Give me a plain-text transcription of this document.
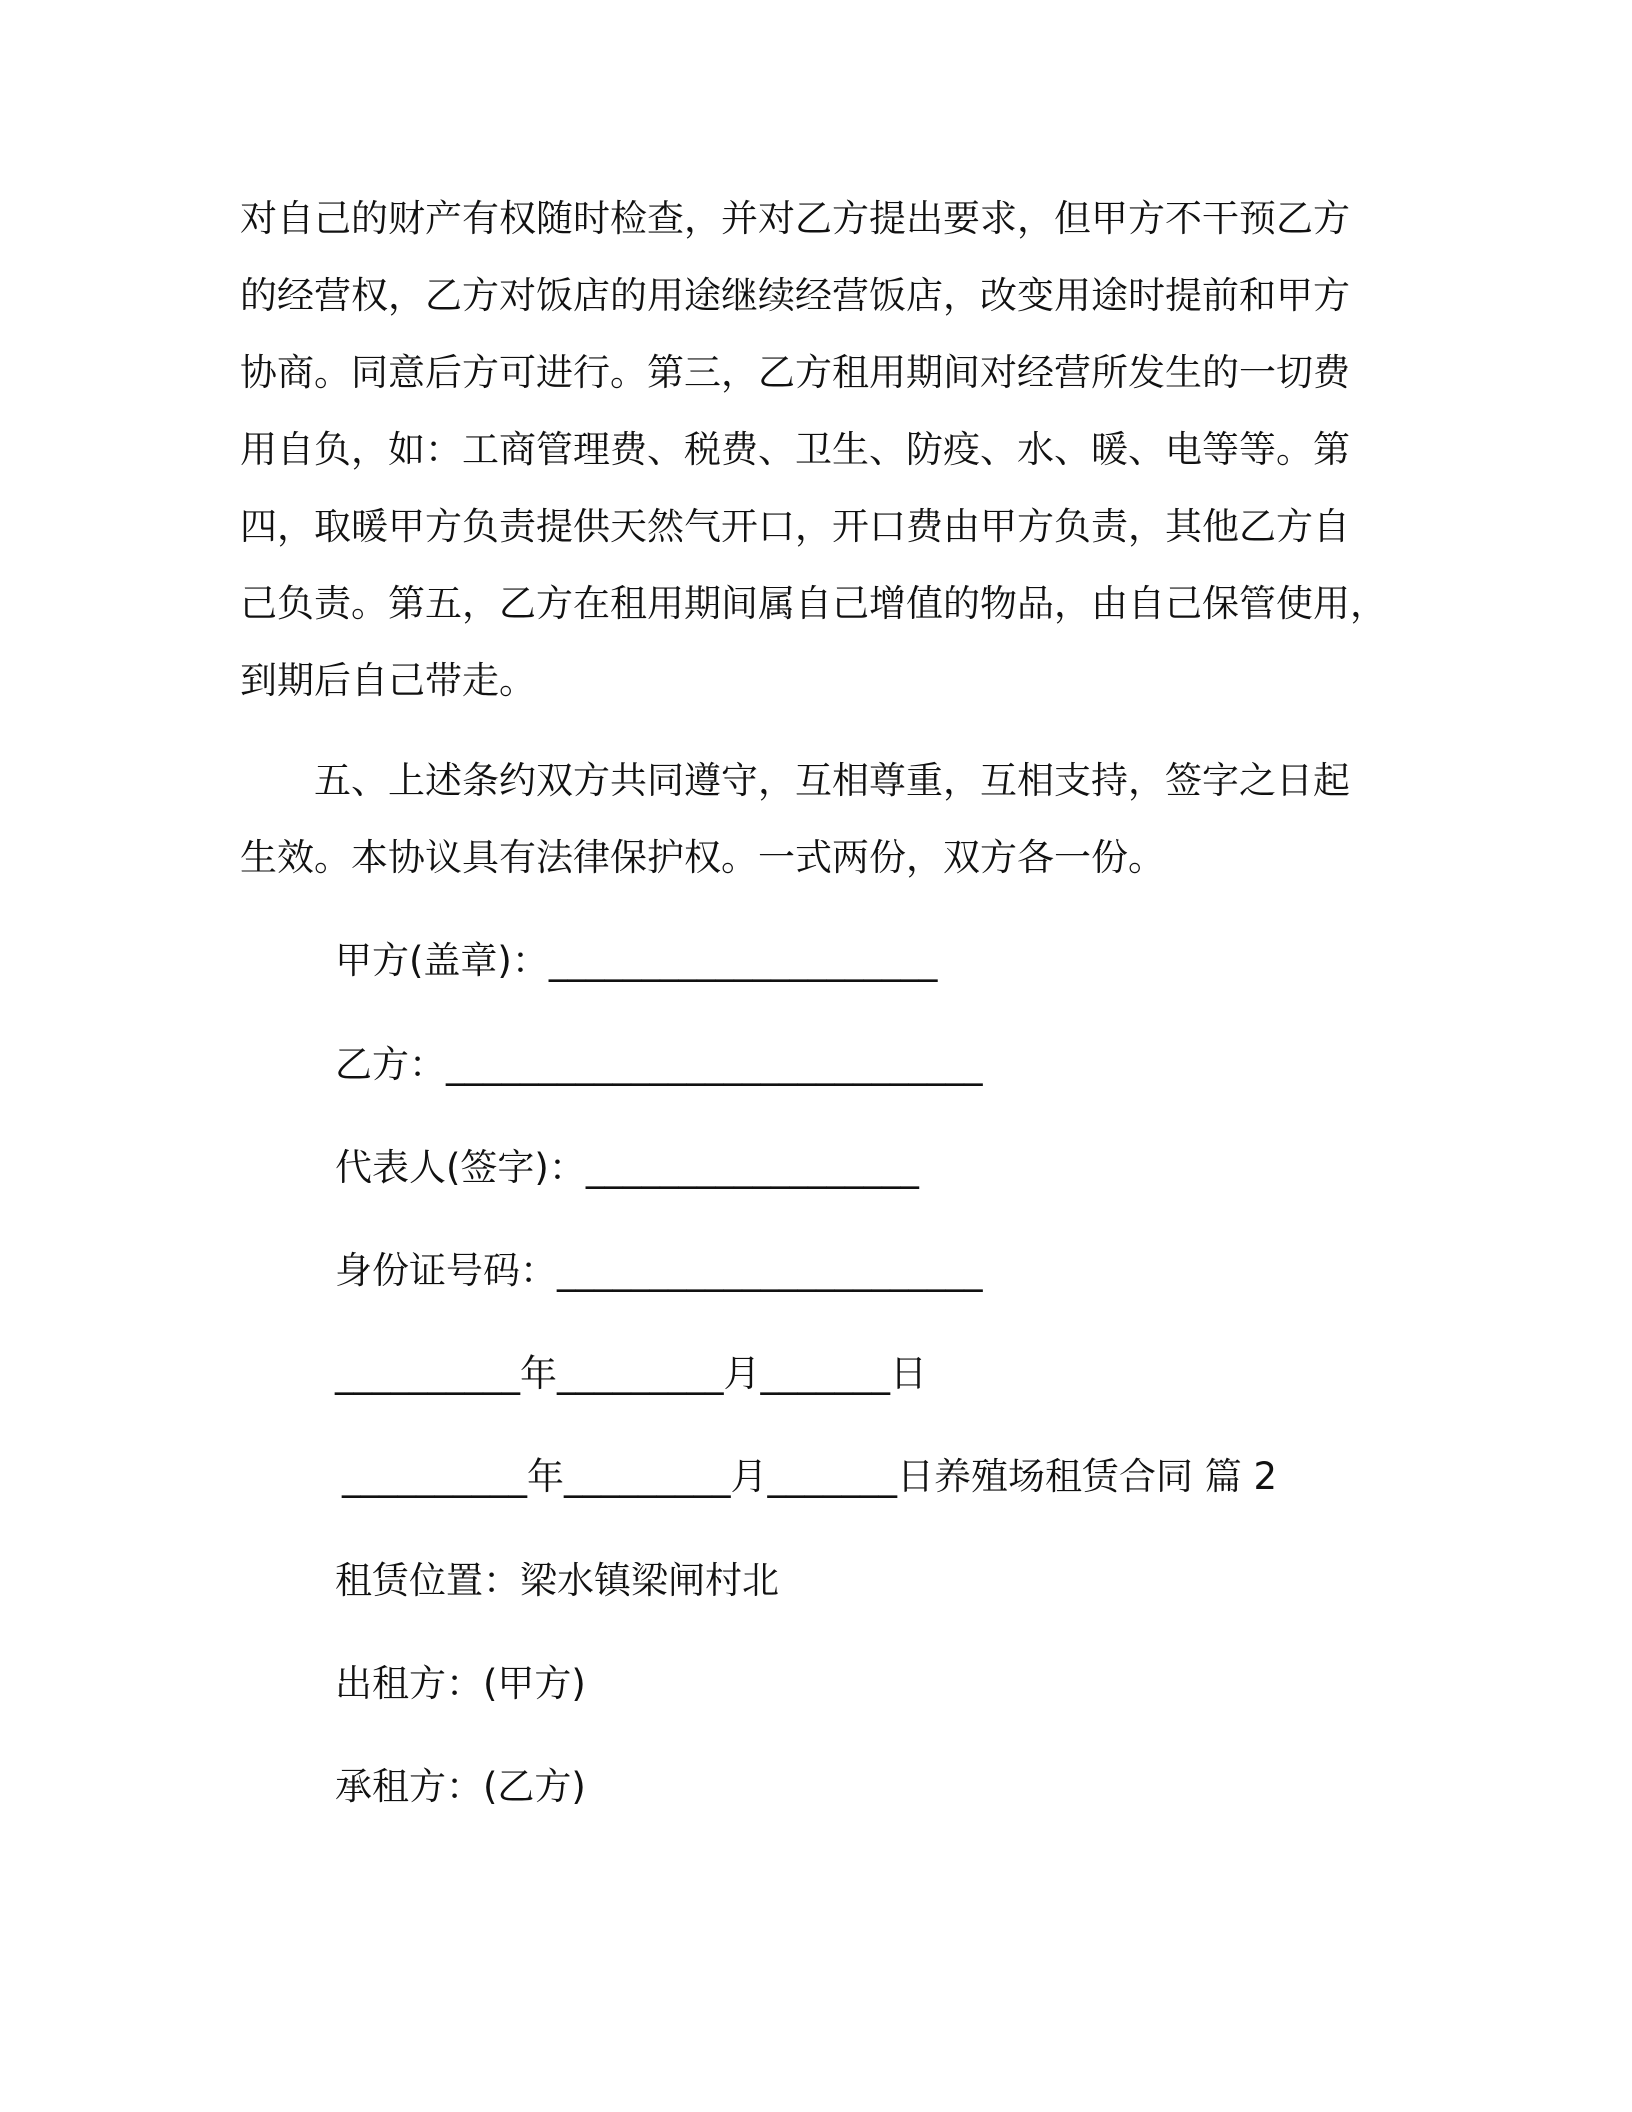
对自己的财产有权随时检查，并对乙方提出要求，但甲方不干预乙方
的经营权，乙方对饭店的用途继续经营饭店，改变用途时提前和甲方
协商。同意后方可进行。第三，乙方租用期间对经营所发生的一切费
用自负，如：工商管理费、税费、卫生、防疫、水、暖、电等等。第
四，取暖甲方负责提供天然气开口，开口费由甲方负责，其他乙方自
己负责。第五，乙方在租用期间属自己增值的物品，由自己保管使用，
到期后自己带走。
　　五、上述条约双方共同遵守，互相尊重，互相支持，签字之日起
生效。本协议具有法律保护权。一式两份，双方各一份。
甲方(盖章)：_____________________
乙方：_____________________________
代表人(签字)：__________________
身份证号码：_______________________
__________年_________月_______日
__________年_________月_______日养殖场租赁合同 篇 2
租赁位置：梁水镇梁闸村北
出租方：(甲方)
承租方：(乙方)
